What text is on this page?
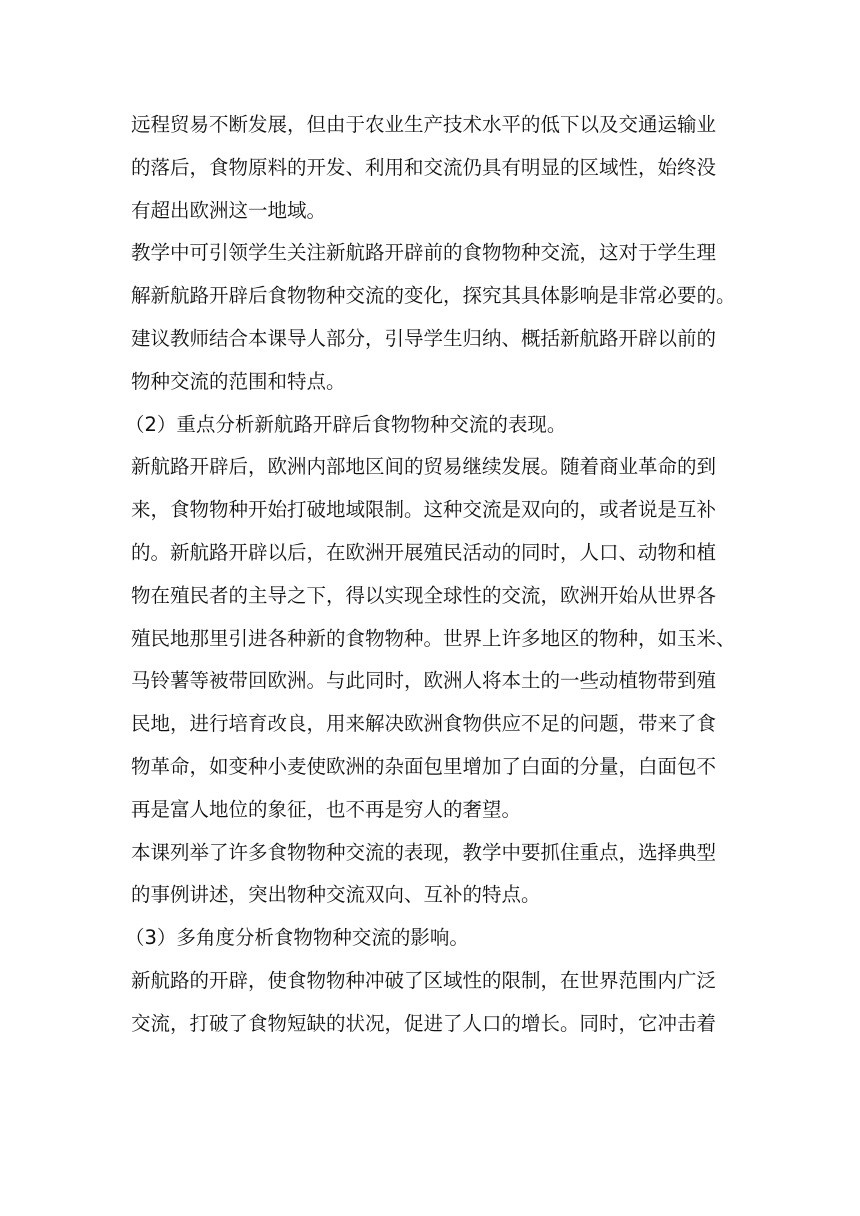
远程贸易不断发展，但由于农业生产技术水平的低下以及交通运输业
的落后，食物原料的开发、利用和交流仍具有明显的区域性，始终没
有超出欧洲这一地域。

教学中可引领学生关注新航路开辟前的食物物种交流，这对于学生理
解新航路开辟后食物物种交流的变化，探究其具体影响是非常必要的。
建议教师结合本课导人部分，引导学生归纳、概括新航路开辟以前的
物种交流的范围和特点。

（2）重点分析新航路开辟后食物物种交流的表现。

新航路开辟后，欧洲内部地区间的贸易继续发展。随着商业革命的到
来，食物物种开始打破地域限制。这种交流是双向的，或者说是互补
的。新航路开辟以后，在欧洲开展殖民活动的同时，人口、动物和植
物在殖民者的主导之下，得以实现全球性的交流，欧洲开始从世界各
殖民地那里引进各种新的食物物种。世界上许多地区的物种，如玉米、
马铃薯等被带回欧洲。与此同时，欧洲人将本土的一些动植物带到殖
民地，进行培育改良，用来解决欧洲食物供应不足的问题，带来了食
物革命，如变种小麦使欧洲的杂面包里增加了白面的分量，白面包不
再是富人地位的象征，也不再是穷人的奢望。

本课列举了许多食物物种交流的表现，教学中要抓住重点，选择典型
的事例讲述，突出物种交流双向、互补的特点。

（3）多角度分析食物物种交流的影响。

新航路的开辟，使食物物种冲破了区域性的限制，在世界范围内广泛
交流，打破了食物短缺的状况，促进了人口的增长。同时，它冲击着
